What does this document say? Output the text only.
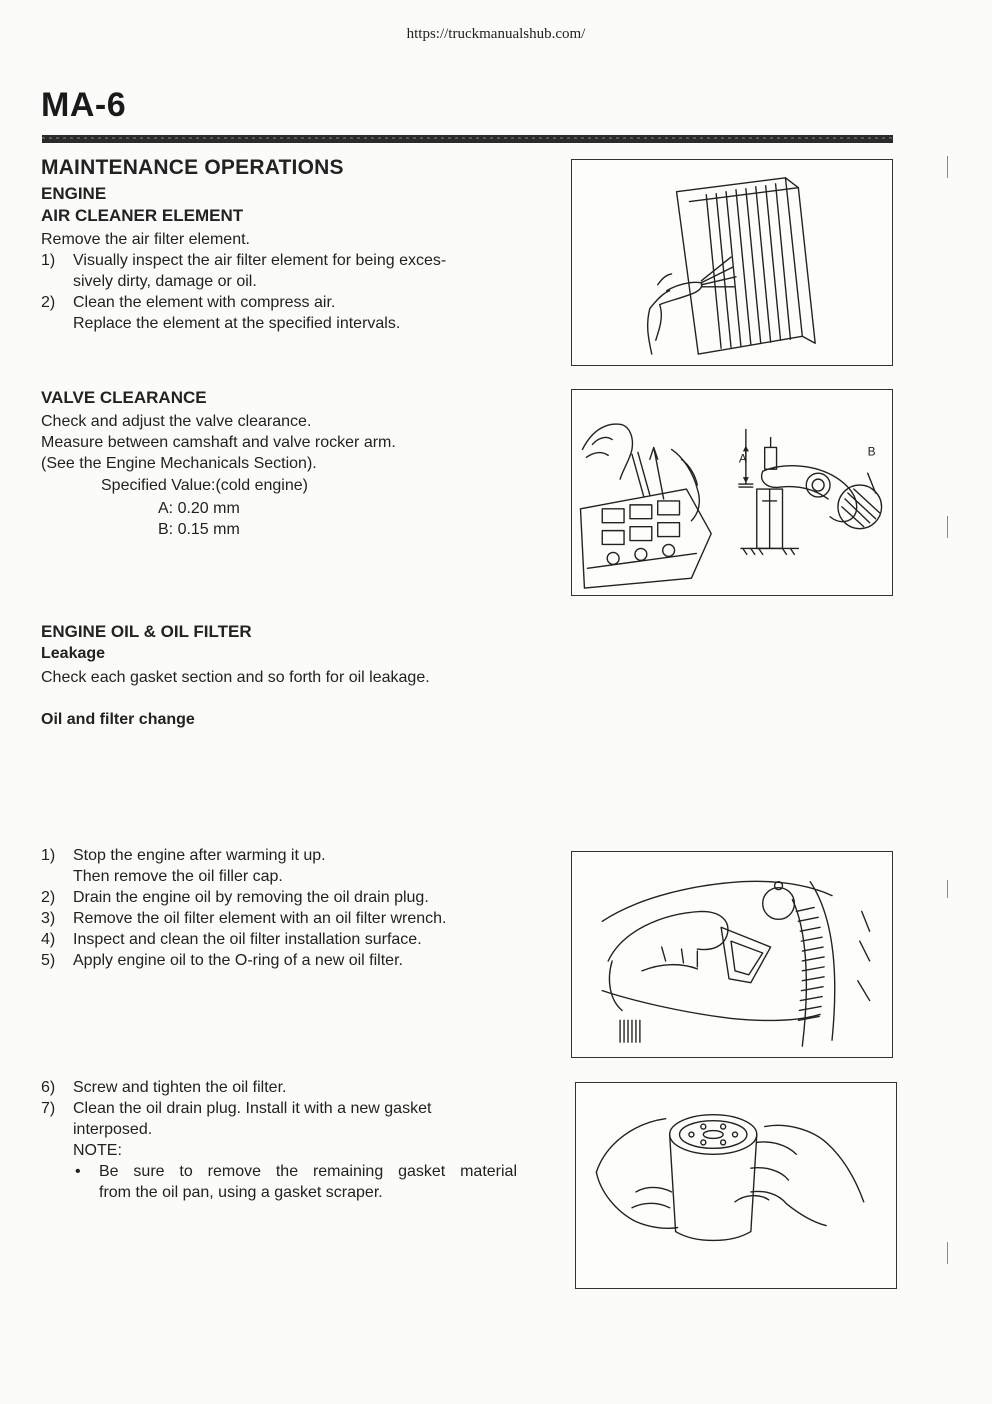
https://truckmanualshub.com/
MA-6
MAINTENANCE OPERATIONS
ENGINE
AIR CLEANER ELEMENT
Remove the air filter element.
1) Visually inspect the air filter element for being exces-
sively dirty, damage or oil.
2) Clean the element with compress air.
Replace the element at the specified intervals.
VALVE CLEARANCE
Check and adjust the valve clearance.
Measure between camshaft and valve rocker arm.
(See the Engine Mechanicals Section).
Specified Value:(cold engine)
A: 0.20 mm
B: 0.15 mm
A	B
ENGINE OIL & OIL FILTER
Leakage
Check each gasket section and so forth for oil leakage.
Oil and filter change
1) Stop the engine after warming it up.
Then remove the oil filler cap.
2) Drain the engine oil by removing the oil drain plug.
3) Remove the oil filter element with an oil filter wrench.
4) Inspect and clean the oil filter installation surface.
5) Apply engine oil to the O-ring of a new oil filter.
6) Screw and tighten the oil filter.
7) Clean the oil drain plug. Install it with a new gasket
interposed.
NOTE:
• Be sure to remove the remaining gasket material
from the oil pan, using a gasket scraper.
